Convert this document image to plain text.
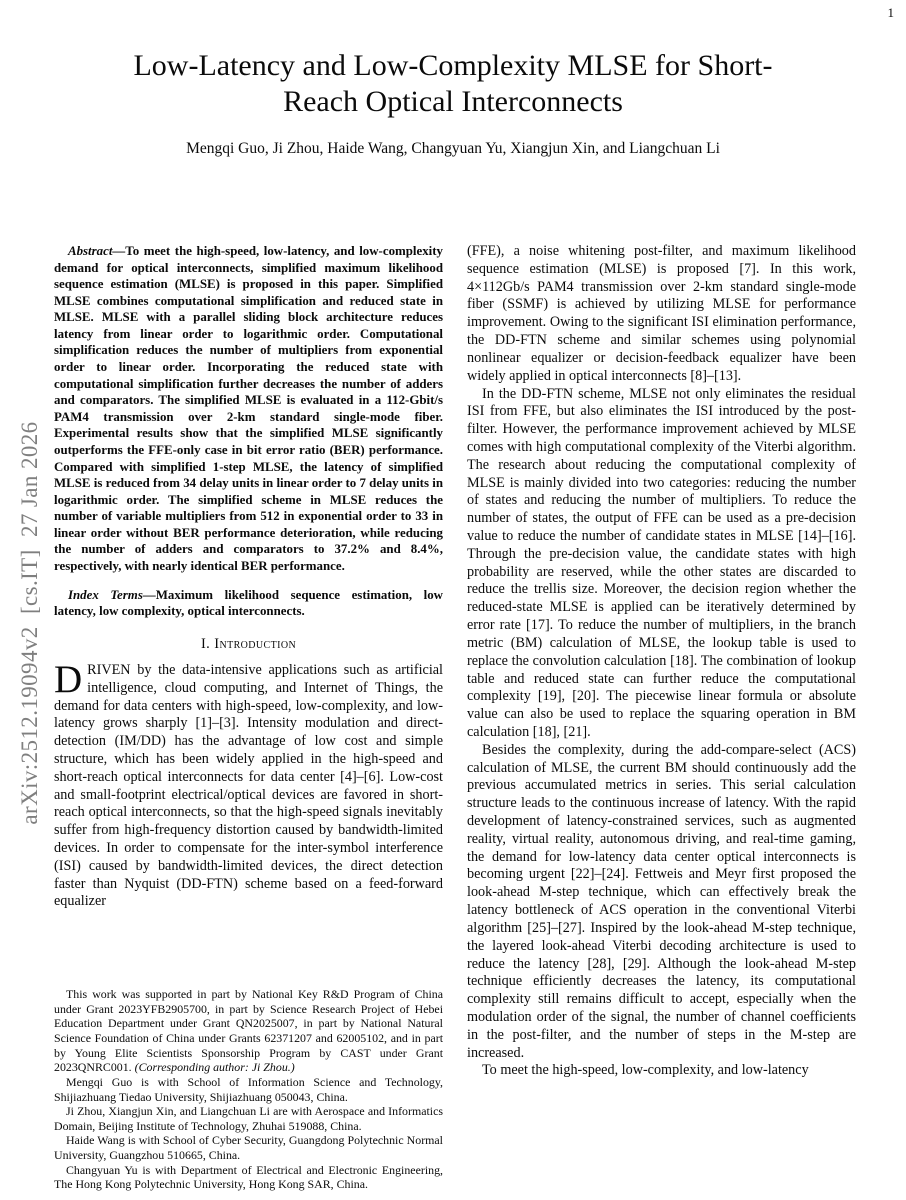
1
arXiv:2512.19094v2  [cs.IT]  27 Jan 2026
Low-Latency and Low-Complexity MLSE for Short-Reach Optical Interconnects
Mengqi Guo, Ji Zhou, Haide Wang, Changyuan Yu, Xiangjun Xin, and Liangchuan Li

Abstract—To meet the high-speed, low-latency, and low-complexity demand for optical interconnects, simplified maximum likelihood sequence estimation (MLSE) is proposed in this paper. Simplified MLSE combines computational simplification and reduced state in MLSE. MLSE with a parallel sliding block architecture reduces latency from linear order to logarithmic order. Computational simplification reduces the number of multipliers from exponential order to linear order. Incorporating the reduced state with computational simplification further decreases the number of adders and comparators. The simplified MLSE is evaluated in a 112-Gbit/s PAM4 transmission over 2-km standard single-mode fiber. Experimental results show that the simplified MLSE significantly outperforms the FFE-only case in bit error ratio (BER) performance. Compared with simplified 1-step MLSE, the latency of simplified MLSE is reduced from 34 delay units in linear order to 7 delay units in logarithmic order. The simplified scheme in MLSE reduces the number of variable multipliers from 512 in exponential order to 33 in linear order without BER performance deterioration, while reducing the number of adders and comparators to 37.2% and 8.4%, respectively, with nearly identical BER performance.

Index Terms—Maximum likelihood sequence estimation, low latency, low complexity, optical interconnects.

I. Introduction

DRIVEN by the data-intensive applications such as artificial intelligence, cloud computing, and Internet of Things, the demand for data centers with high-speed, low-complexity, and low-latency grows sharply [1]–[3]. Intensity modulation and direct-detection (IM/DD) has the advantage of low cost and simple structure, which has been widely applied in the high-speed and short-reach optical interconnects for data center [4]–[6]. Low-cost and small-footprint electrical/optical devices are favored in short-reach optical interconnects, so that the high-speed signals inevitably suffer from high-frequency distortion caused by bandwidth-limited devices. In order to compensate for the inter-symbol interference (ISI) caused by bandwidth-limited devices, the direct detection faster than Nyquist (DD-FTN) scheme based on a feed-forward equalizer

This work was supported in part by National Key R&D Program of China under Grant 2023YFB2905700, in part by Science Research Project of Hebei Education Department under Grant QN2025007, in part by National Natural Science Foundation of China under Grants 62371207 and 62005102, and in part by Young Elite Scientists Sponsorship Program by CAST under Grant 2023QNRC001. (Corresponding author: Ji Zhou.)

Mengqi Guo is with School of Information Science and Technology, Shijiazhuang Tiedao University, Shijiazhuang 050043, China.

Ji Zhou, Xiangjun Xin, and Liangchuan Li are with Aerospace and Informatics Domain, Beijing Institute of Technology, Zhuhai 519088, China.

Haide Wang is with School of Cyber Security, Guangdong Polytechnic Normal University, Guangzhou 510665, China.

Changyuan Yu is with Department of Electrical and Electronic Engineering, The Hong Kong Polytechnic University, Hong Kong SAR, China.

(FFE), a noise whitening post-filter, and maximum likelihood sequence estimation (MLSE) is proposed [7]. In this work, 4×112Gb/s PAM4 transmission over 2-km standard single-mode fiber (SSMF) is achieved by utilizing MLSE for performance improvement. Owing to the significant ISI elimination performance, the DD-FTN scheme and similar schemes using polynomial nonlinear equalizer or decision-feedback equalizer have been widely applied in optical interconnects [8]–[13].

In the DD-FTN scheme, MLSE not only eliminates the residual ISI from FFE, but also eliminates the ISI introduced by the post-filter. However, the performance improvement achieved by MLSE comes with high computational complexity of the Viterbi algorithm. The research about reducing the computational complexity of MLSE is mainly divided into two categories: reducing the number of states and reducing the number of multipliers. To reduce the number of states, the output of FFE can be used as a pre-decision value to reduce the number of candidate states in MLSE [14]–[16]. Through the pre-decision value, the candidate states with high probability are reserved, while the other states are discarded to reduce the trellis size. Moreover, the decision region whether the reduced-state MLSE is applied can be iteratively determined by error rate [17]. To reduce the number of multipliers, in the branch metric (BM) calculation of MLSE, the lookup table is used to replace the convolution calculation [18]. The combination of lookup table and reduced state can further reduce the computational complexity [19], [20]. The piecewise linear formula or absolute value can also be used to replace the squaring operation in BM calculation [18], [21].

Besides the complexity, during the add-compare-select (ACS) calculation of MLSE, the current BM should continuously add the previous accumulated metrics in series. This serial calculation structure leads to the continuous increase of latency. With the rapid development of latency-constrained services, such as augmented reality, virtual reality, autonomous driving, and real-time gaming, the demand for low-latency data center optical interconnects is becoming urgent [22]–[24]. Fettweis and Meyr first proposed the look-ahead M-step technique, which can effectively break the latency bottleneck of ACS operation in the conventional Viterbi algorithm [25]–[27]. Inspired by the look-ahead M-step technique, the layered look-ahead Viterbi decoding architecture is used to reduce the latency [28], [29]. Although the look-ahead M-step technique efficiently decreases the latency, its computational complexity still remains difficult to accept, especially when the modulation order of the signal, the number of channel coefficients in the post-filter, and the number of steps in the M-step are increased.

To meet the high-speed, low-complexity, and low-latency
